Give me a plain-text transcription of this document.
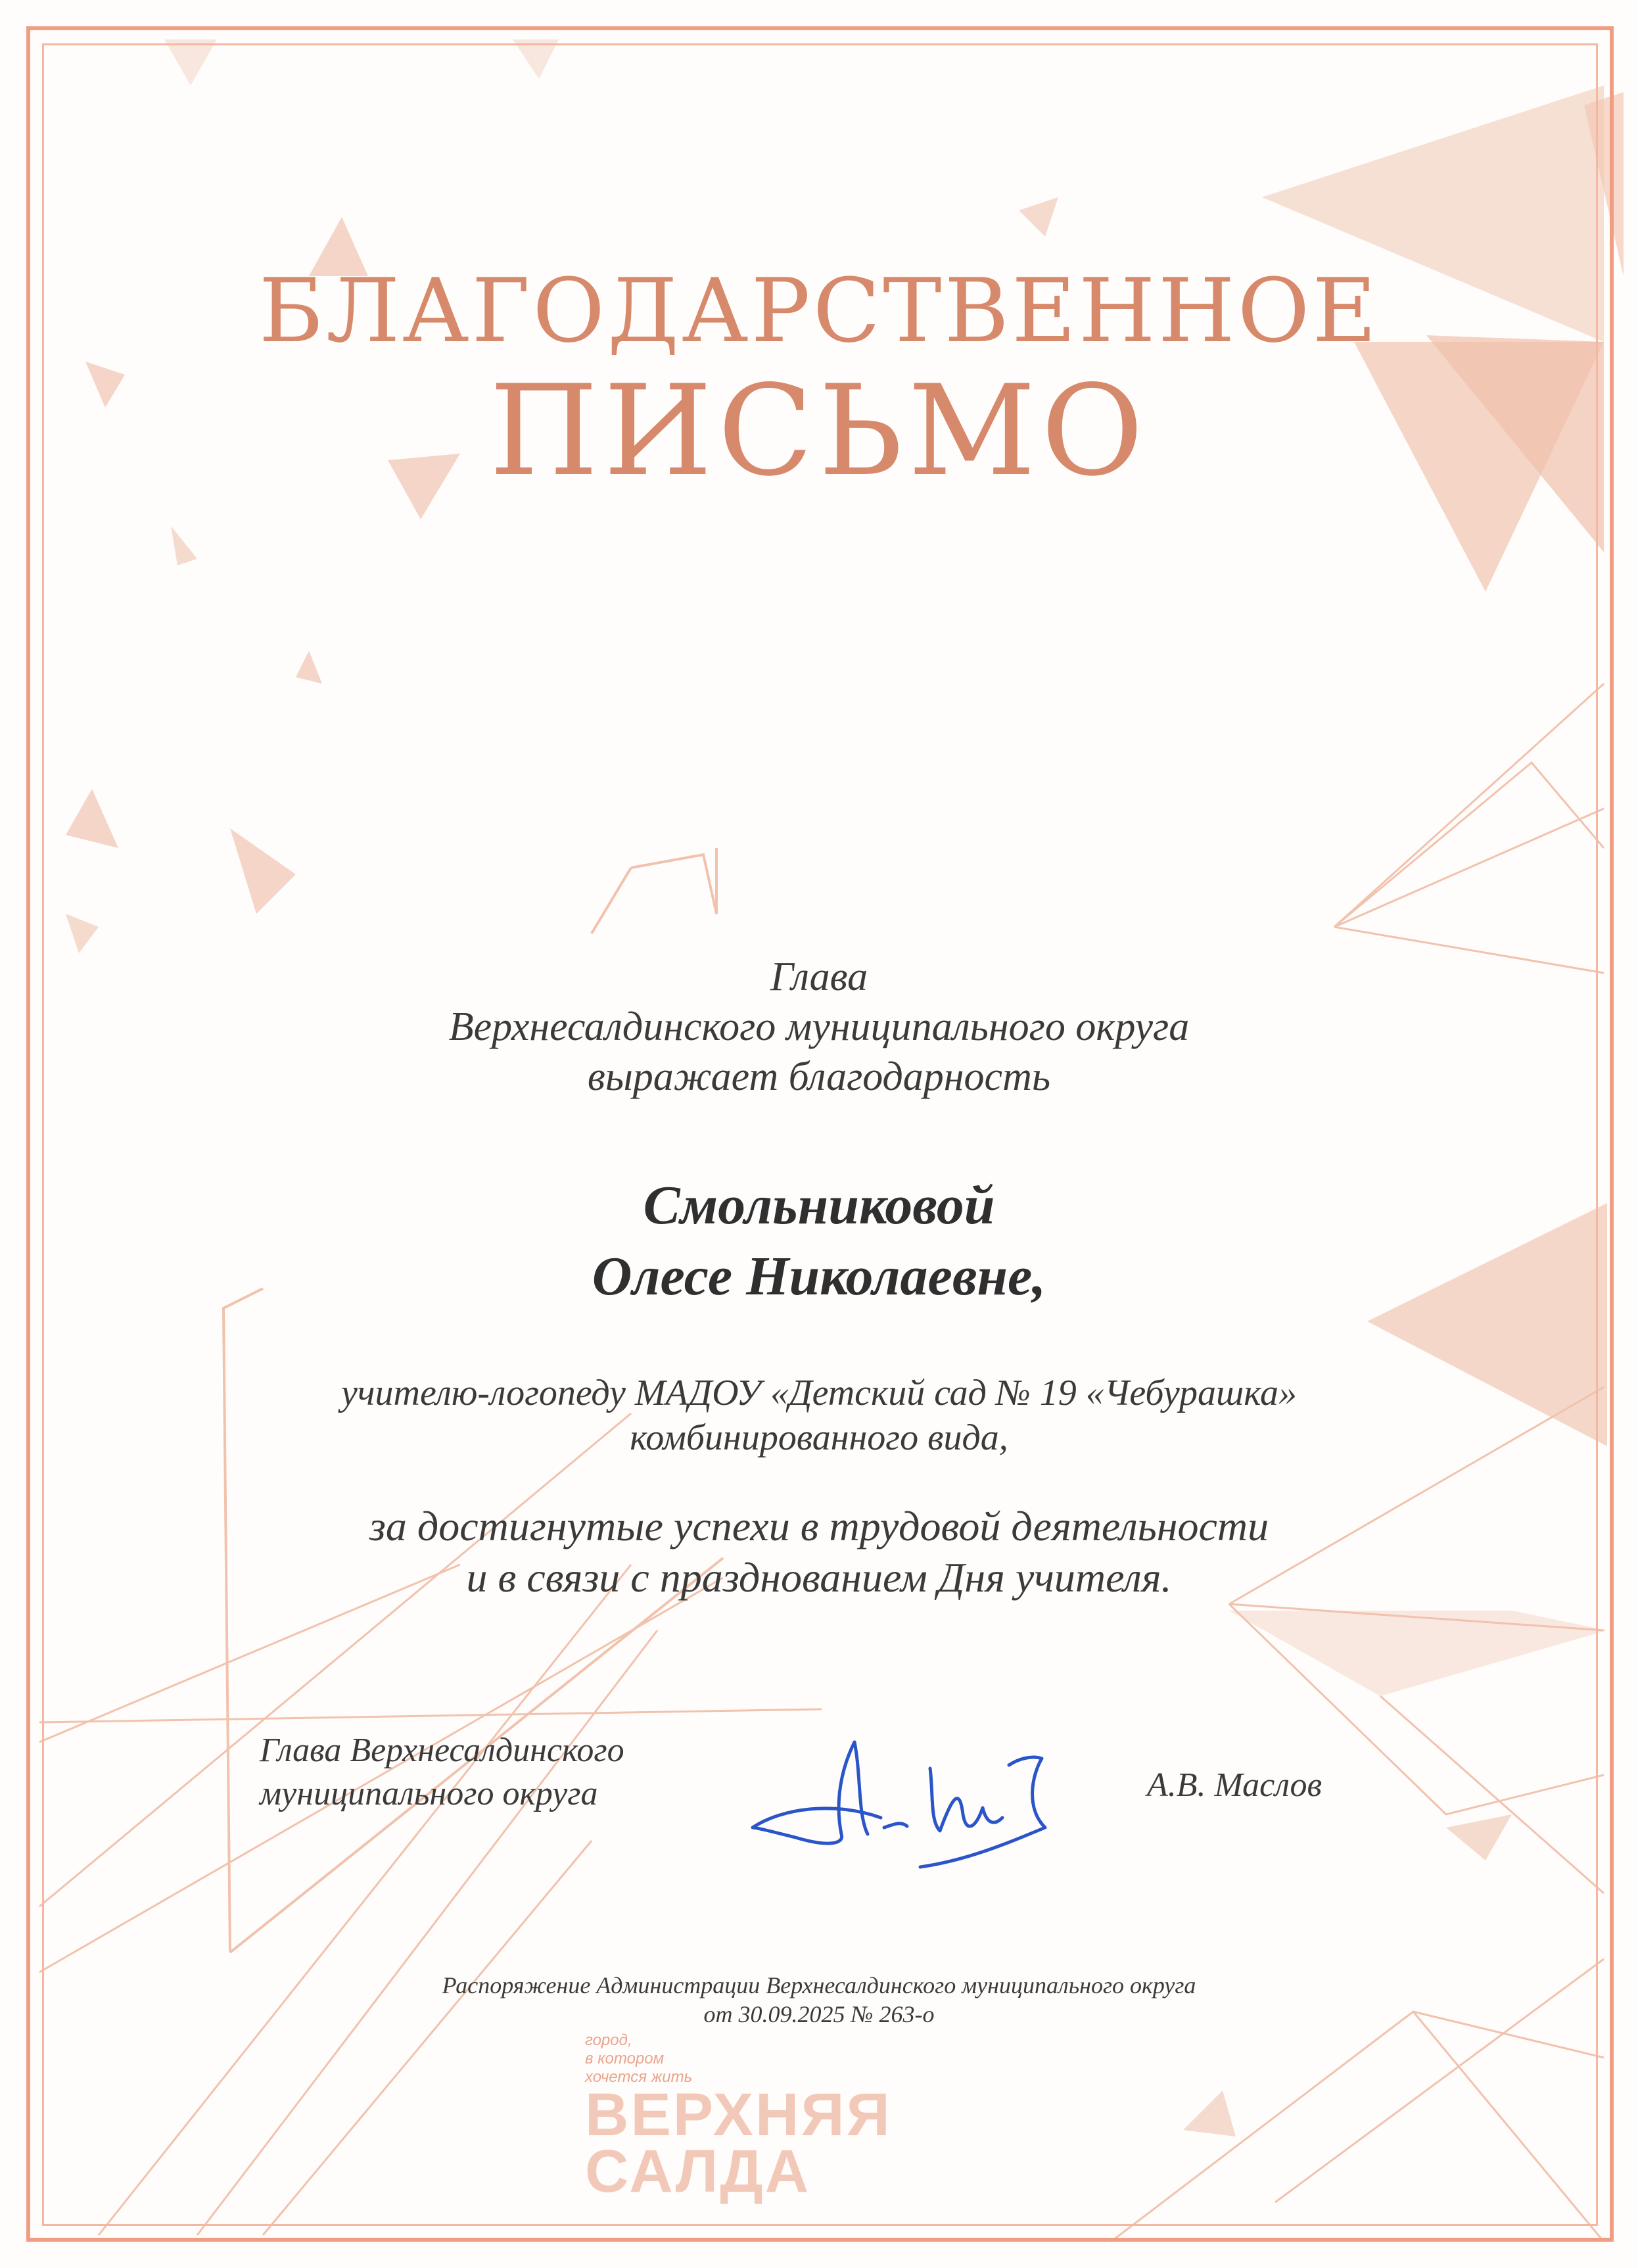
БЛАГОДАРСТВЕННОЕ
ПИСЬМО
Глава
Верхнесалдинского муниципального округа
выражает благодарность
Смольниковой
Олесе Николаевне,
учителю-логопеду МАДОУ «Детский сад № 19 «Чебурашка»
комбинированного вида,
за достигнутые успехи в трудовой деятельности
и в связи с празднованием Дня учителя.
Глава Верхнесалдинского
муниципального округа	А.В. Маслов
Распоряжение Администрации Верхнесалдинского муниципального округа
от 30.09.2025 № 263-о
город,
в котором
хочется жить
ВЕРХНЯЯ
САЛДА
